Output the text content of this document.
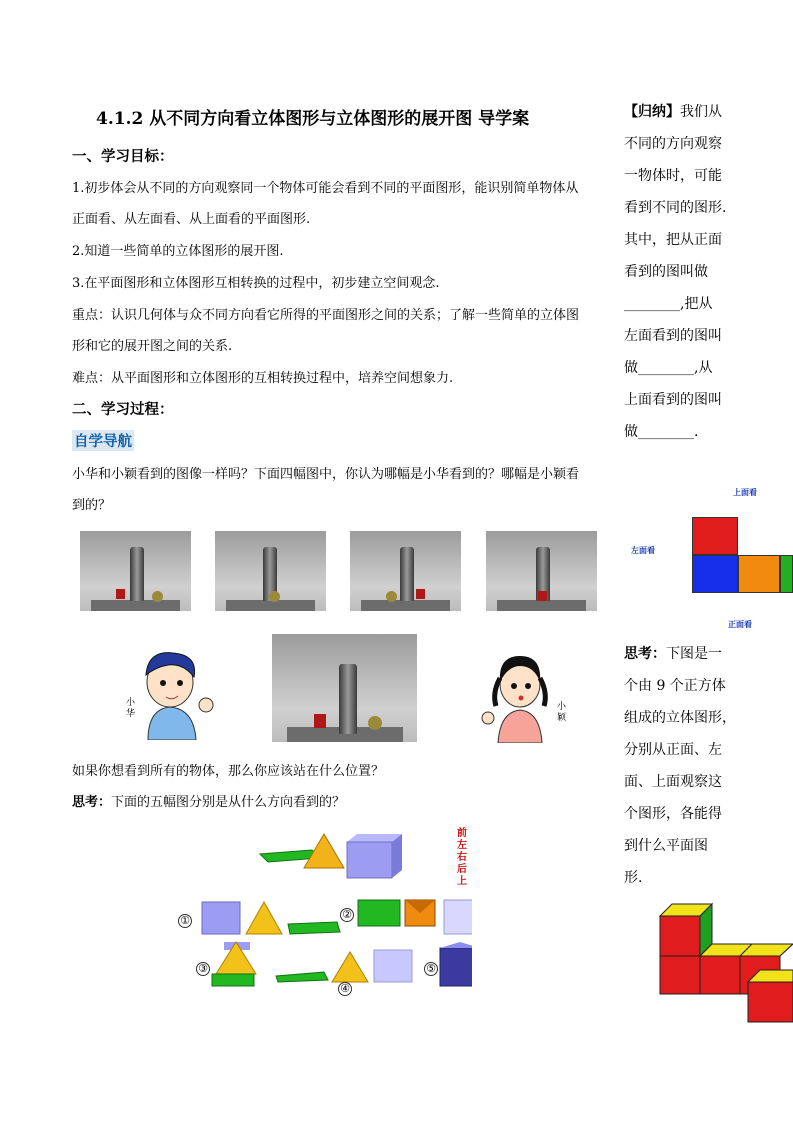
4.1.2 从不同方向看立体图形与立体图形的展开图 导学案
一、学习目标：
1.初步体会从不同的方向观察同一个物体可能会看到不同的平面图形，能识别简单物体从
正面看、从左面看、从上面看的平面图形.
2.知道一些简单的立体图形的展开图.
3.在平面图形和立体图形互相转换的过程中，初步建立空间观念.
重点：认识几何体与众不同方向看它所得的平面图形之间的关系；了解一些简单的立体图
形和它的展开图之间的关系.
难点：从平面图形和立体图形的互相转换过程中，培养空间想象力.
二、学习过程：
自学导航
小华和小颖看到的图像一样吗？下面四幅图中，你认为哪幅是小华看到的？哪幅是小颖看
到的？
小华
小颖
如果你想看到所有的物体，那么你应该站在什么位置？
思考：下面的五幅图分别是从什么方向看到的？
①	②
③
④
⑤
前
左
右
后
上
【归纳】我们从
不同的方向观察
一物体时，可能
看到不同的图形.
其中，把从正面
看到的图叫做
________,把从
左面看到的图叫
做________,从
上面看到的图叫
做________.
上面看
左面看
正面看
思考：下图是一
个由 9 个正方体
组成的立体图形，
分别从正面、左
面、上面观察这
个图形，各能得
到什么平面图
形.
